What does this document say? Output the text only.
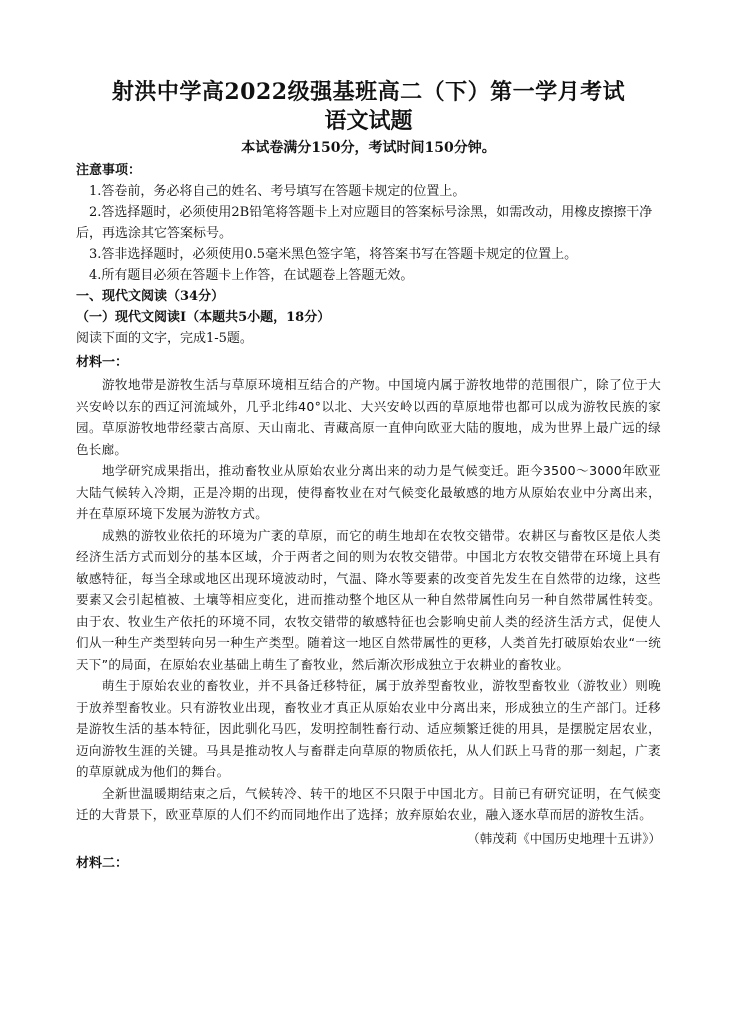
射洪中学高2022级强基班高二（下）第一学月考试
语文试题

本试卷满分150分，考试时间150分钟。

注意事项：

1.答卷前，务必将自己的姓名、考号填写在答题卡规定的位置上。

2.答选择题时，必须使用2B铅笔将答题卡上对应题目的答案标号涂黑，如需改动，用橡皮擦擦干净后，再选涂其它答案标号。

3.答非选择题时，必须使用0.5毫米黑色签字笔，将答案书写在答题卡规定的位置上。

4.所有题目必须在答题卡上作答，在试题卷上答题无效。

一、现代文阅读（34分）

（一）现代文阅读Ⅰ（本题共5小题，18分）

阅读下面的文字，完成1-5题。

材料一：

游牧地带是游牧生活与草原环境相互结合的产物。中国境内属于游牧地带的范围很广，除了位于大兴安岭以东的西辽河流域外，几乎北纬40°以北、大兴安岭以西的草原地带也都可以成为游牧民族的家园。草原游牧地带经蒙古高原、天山南北、青藏高原一直伸向欧亚大陆的腹地，成为世界上最广远的绿色长廊。

地学研究成果指出，推动畜牧业从原始农业分离出来的动力是气候变迁。距今3500～3000年欧亚大陆气候转入冷期，正是冷期的出现，使得畜牧业在对气候变化最敏感的地方从原始农业中分离出来，并在草原环境下发展为游牧方式。

成熟的游牧业依托的环境为广袤的草原，而它的萌生地却在农牧交错带。农耕区与畜牧区是依人类经济生活方式而划分的基本区域，介于两者之间的则为农牧交错带。中国北方农牧交错带在环境上具有敏感特征，每当全球或地区出现环境波动时，气温、降水等要素的改变首先发生在自然带的边缘，这些要素又会引起植被、土壤等相应变化，进而推动整个地区从一种自然带属性向另一种自然带属性转变。由于农、牧业生产依托的环境不同，农牧交错带的敏感特征也会影响史前人类的经济生活方式，促使人们从一种生产类型转向另一种生产类型。随着这一地区自然带属性的更移，人类首先打破原始农业“一统天下”的局面，在原始农业基础上萌生了畜牧业，然后渐次形成独立于农耕业的畜牧业。

萌生于原始农业的畜牧业，并不具备迁移特征，属于放养型畜牧业，游牧型畜牧业（游牧业）则晚于放养型畜牧业。只有游牧业出现，畜牧业才真正从原始农业中分离出来，形成独立的生产部门。迁移是游牧生活的基本特征，因此驯化马匹，发明控制牲畜行动、适应频繁迁徙的用具，是摆脱定居农业，迈向游牧生涯的关键。马具是推动牧人与畜群走向草原的物质依托，从人们跃上马背的那一刻起，广袤的草原就成为他们的舞台。

全新世温暖期结束之后，气候转冷、转干的地区不只限于中国北方。目前已有研究证明，在气候变迁的大背景下，欧亚草原的人们不约而同地作出了选择；放弃原始农业，融入逐水草而居的游牧生活。

（韩茂莉《中国历史地理十五讲》）

材料二：
